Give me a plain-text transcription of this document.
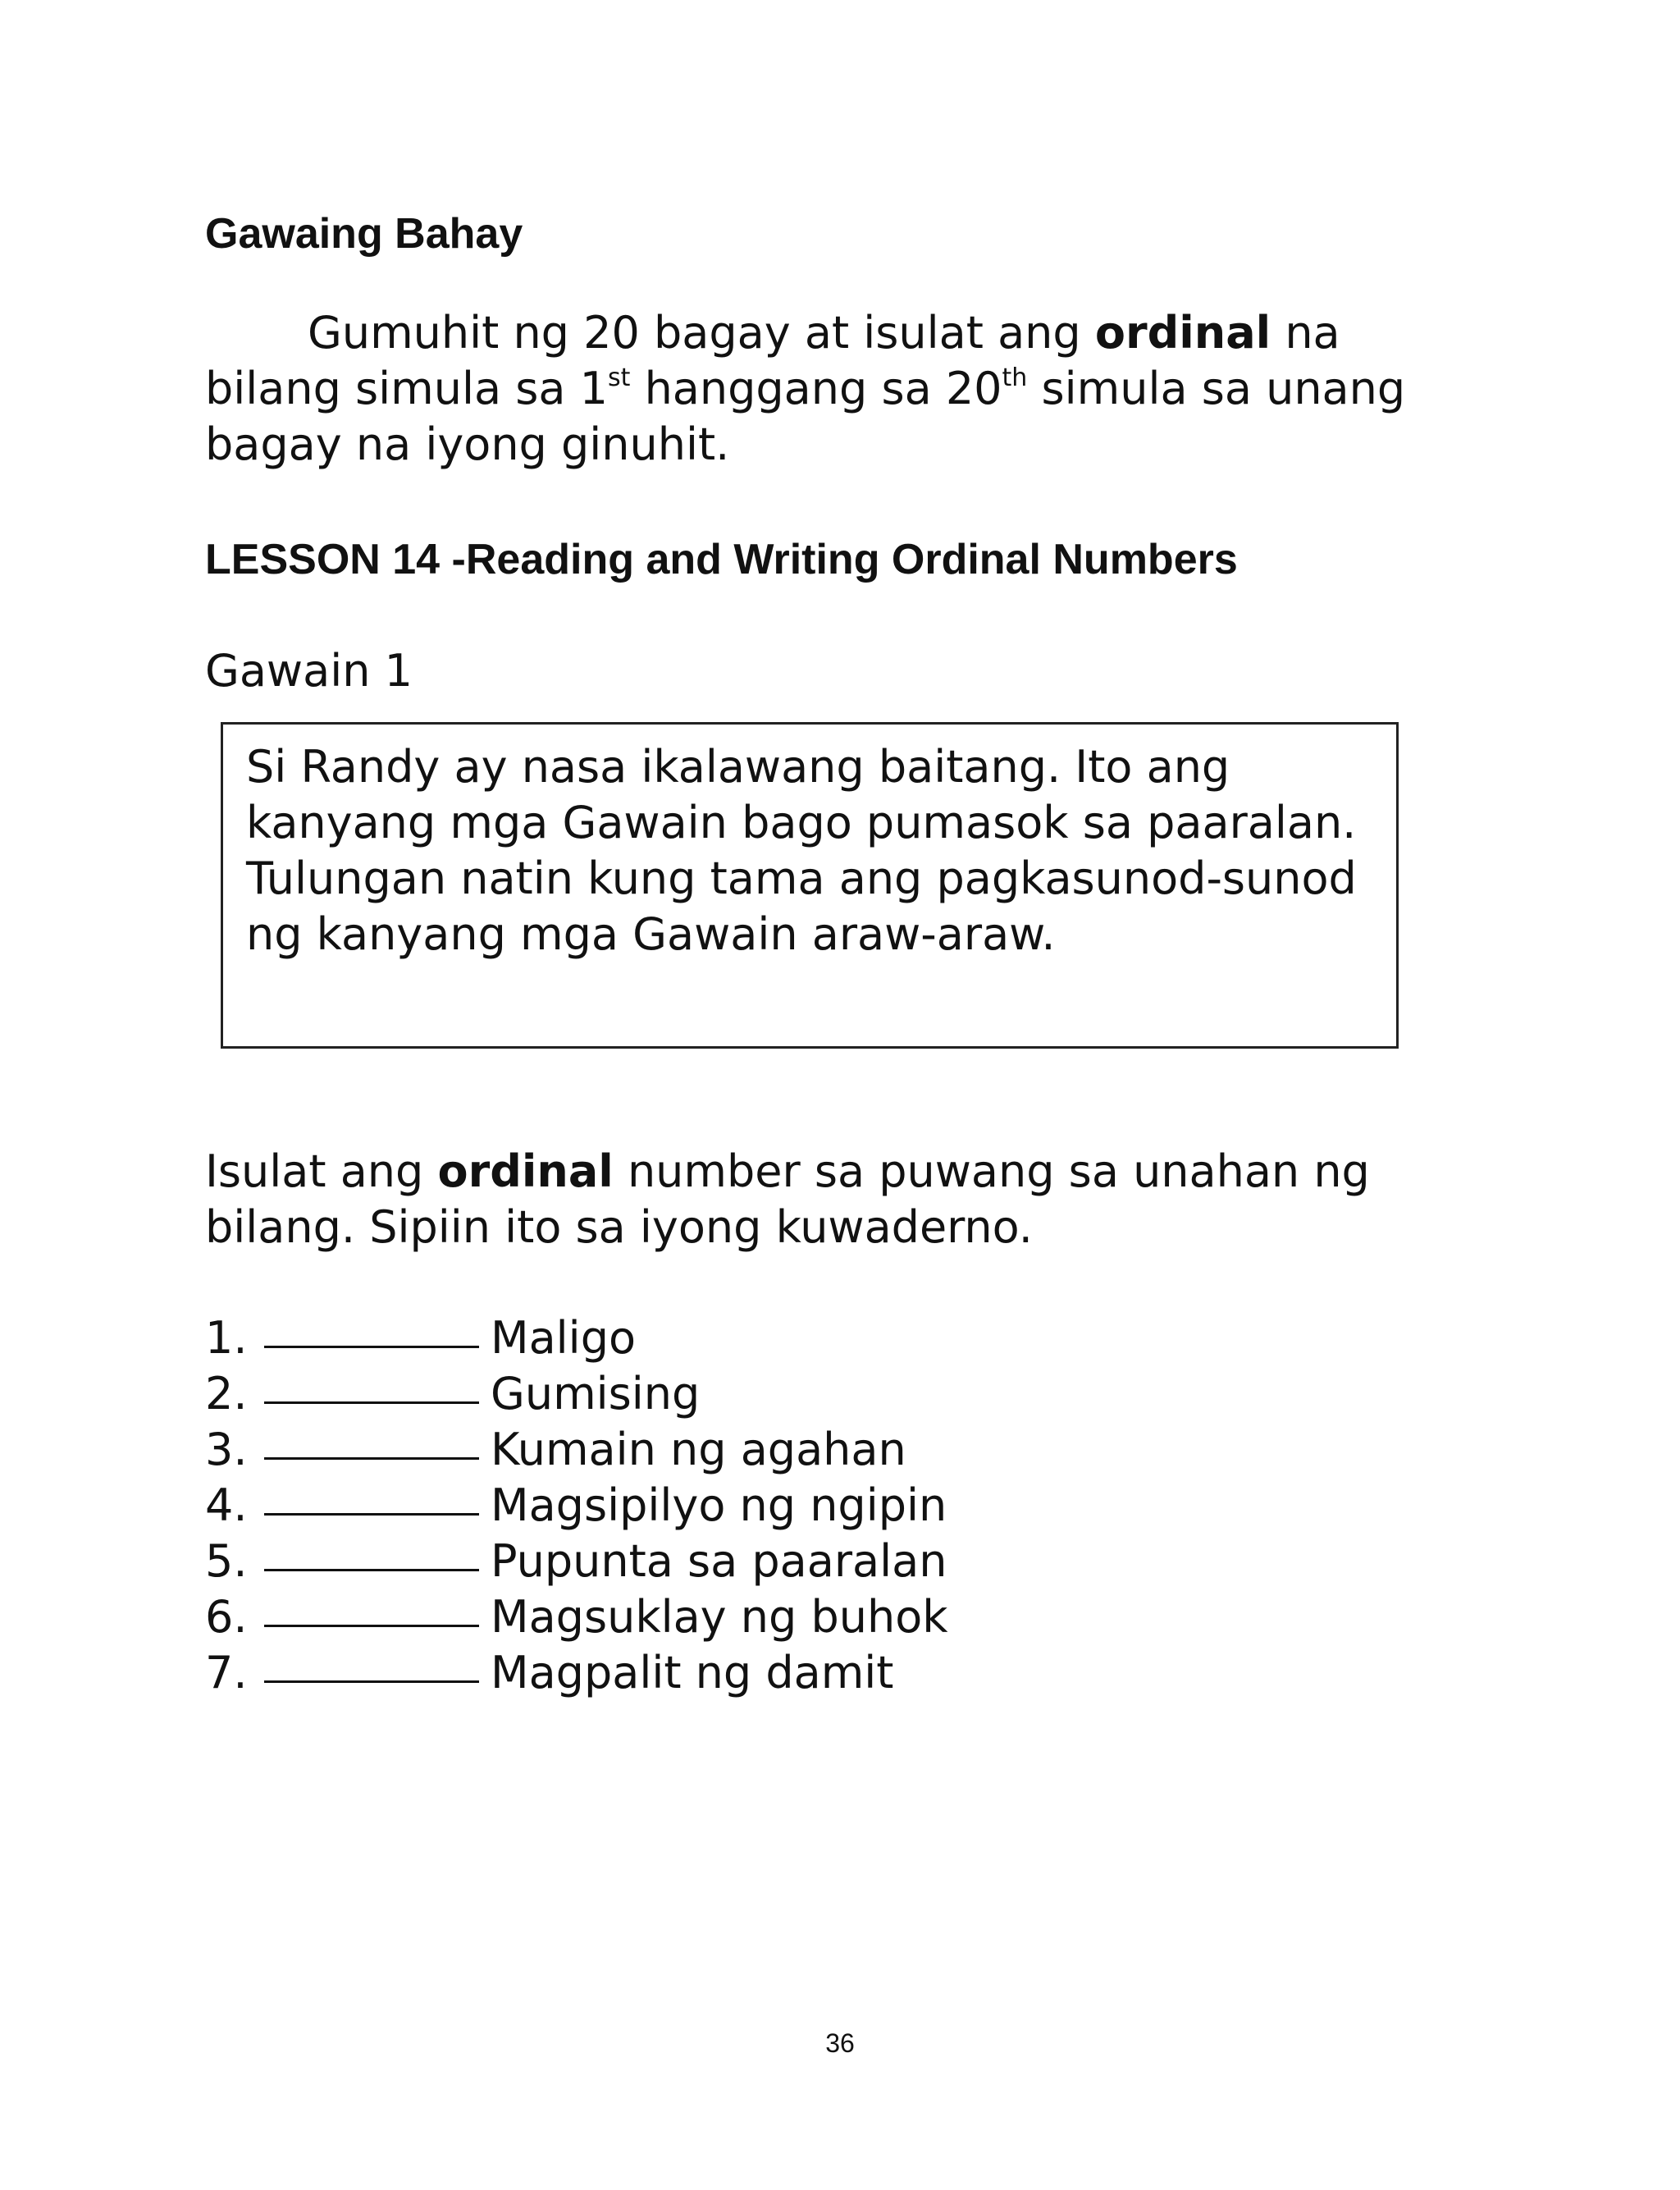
Gawaing Bahay

Gumuhit ng 20 bagay at isulat ang ordinal na bilang simula sa 1st hanggang sa 20th simula sa unang bagay na iyong ginuhit.

LESSON 14 -Reading and Writing Ordinal Numbers

Gawain 1

Si Randy ay nasa ikalawang baitang. Ito ang kanyang mga Gawain bago pumasok sa paaralan. Tulungan natin kung tama ang pagkasunod-sunod ng kanyang mga Gawain araw-araw.

Isulat ang ordinal number sa puwang sa unahan ng bilang. Sipiin ito sa iyong kuwaderno.

1.	Maligo
2.	Gumising
3.	Kumain ng agahan
4.	Magsipilyo ng ngipin
5.	Pupunta sa paaralan
6.	Magsuklay ng buhok
7.	Magpalit ng damit
36
